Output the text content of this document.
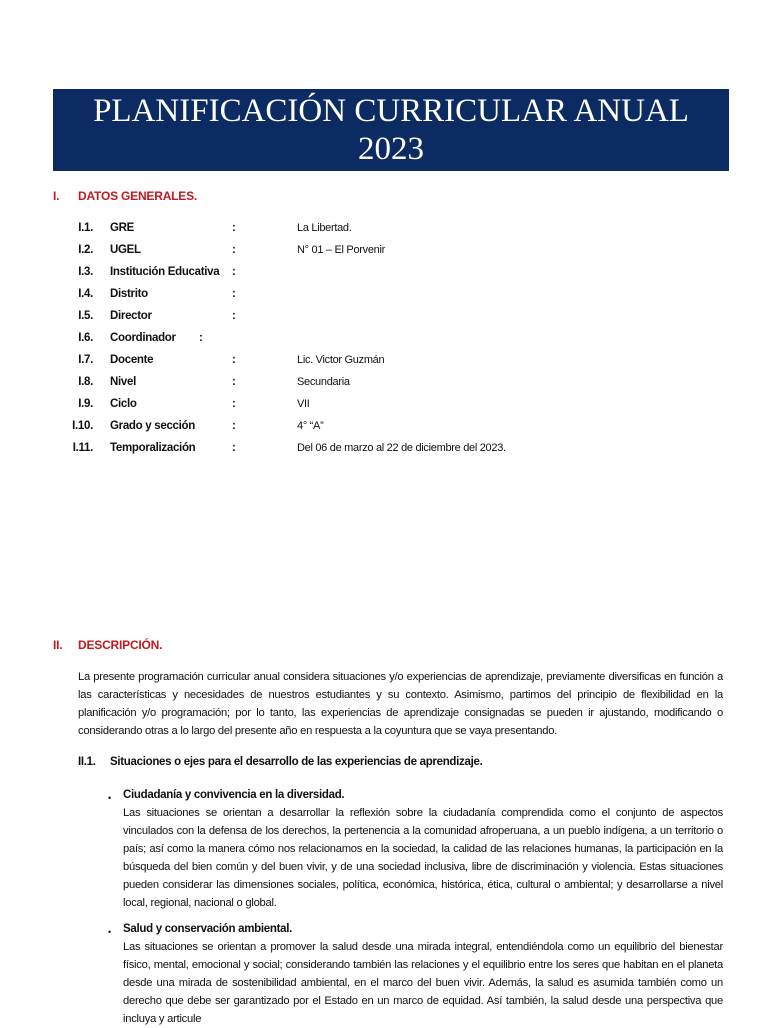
PLANIFICACIÓN CURRICULAR ANUAL
2023
I. DATOS GENERALES.
I.1. GRE	:	La Libertad.
I.2. UGEL	:	N° 01 – El Porvenir
I.3. Institución Educativa :
I.4. Distrito	:
I.5. Director	:
I.6. Coordinador :
I.7. Docente	:	Lic. Victor Guzmán
I.8. Nivel	:	Secundaria
I.9. Ciclo	:	VII
I.10. Grado y sección	:	4° “A”
I.11. Temporalización	:	Del 06 de marzo al 22 de diciembre del 2023.
II. DESCRIPCIÓN.

La presente programación curricular anual considera situaciones y/o experiencias de aprendizaje, previamente diversificas en función a las características y necesidades de nuestros estudiantes y su contexto. Asimismo, partimos del principio de flexibilidad en la planificación y/o programación; por lo tanto, las experiencias de aprendizaje consignadas se pueden ir ajustando, modificando o considerando otras a lo largo del presente año en respuesta a la coyuntura que se vaya presentando.

II.1. Situaciones o ejes para el desarrollo de las experiencias de aprendizaje.
• Ciudadanía y convivencia en la diversidad.

Las situaciones se orientan a desarrollar la reflexión sobre la ciudadanía comprendida como el conjunto de aspectos vinculados con la defensa de los derechos, la pertenencia a la comunidad afroperuana, a un pueblo indígena, a un territorio o país; así como la manera cómo nos relacionamos en la sociedad, la calidad de las relaciones humanas, la participación en la búsqueda del bien común y del buen vivir, y de una sociedad inclusiva, libre de discriminación y violencia. Estas situaciones pueden considerar las dimensiones sociales, política, económica, histórica, ética, cultural o ambiental; y desarrollarse a nivel local, regional, nacional o global.

• Salud y conservación ambiental.

Las situaciones se orientan a promover la salud desde una mirada integral, entendiéndola como un equilibrio del bienestar físico, mental, emocional y social; considerando también las relaciones y el equilibrio entre los seres que habitan en el planeta desde una mirada de sostenibilidad ambiental, en el marco del buen vivir. Además, la salud es asumida también como un derecho que debe ser garantizado por el Estado en un marco de equidad. Así también, la salud desde una perspectiva que incluya y articule
